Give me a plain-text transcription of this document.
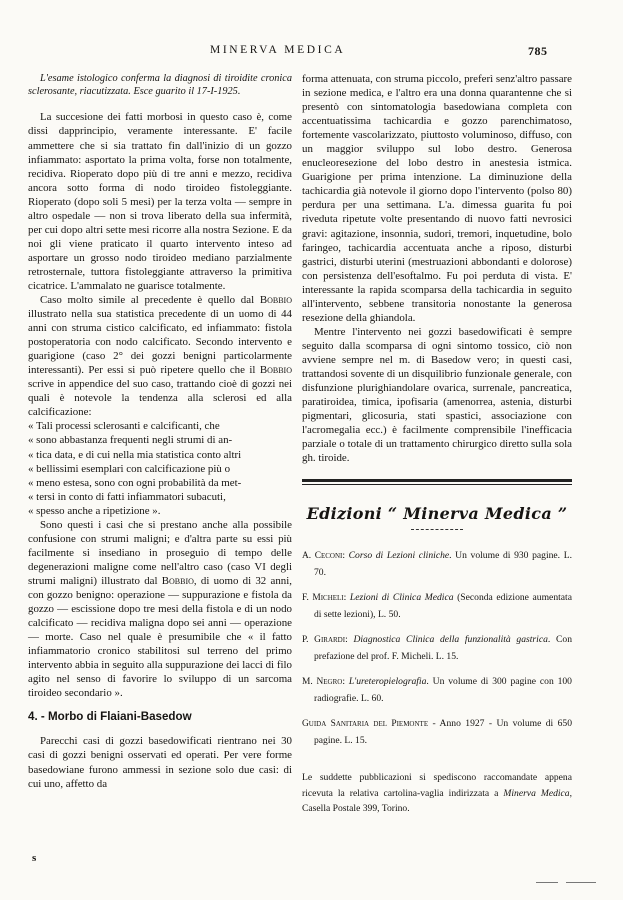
MINERVA MEDICA	785

L'esame istologico conferma la diagnosi di tiroidite cronica sclerosante, riacutizzata. Esce guarito il 17-I-1925.

La succesione dei fatti morbosi in questo caso è, come dissi dapprincipio, veramente interessante. E' facile ammettere che si sia trattato fin dall'inizio di un gozzo infiammato: asportato la prima volta, forse non totalmente, recidiva. Rioperato dopo più di tre anni e mezzo, recidiva ancora sotto forma di nodo tiroideo fistoleggiante. Rioperato (dopo soli 5 mesi) per la terza volta — sempre in altro ospedale — non si trova liberato della sua infermità, per cui dopo altri sette mesi ricorre alla nostra Sezione. E da noi gli viene praticato il quarto intervento inteso ad asportare un grosso nodo tiroideo mediano parzialmente retrosternale, tuttora fistoleggiante attraverso la primitiva cicatrice. L'ammalato ne guarisce totalmente.

Caso molto simile al precedente è quello dal Bobbio illustrato nella sua statistica precedente di un uomo di 44 anni con struma cistico calcificato, ed infiammato: fistola postoperatoria con nodo calcificato. Secondo intervento e guarigione (caso 2° dei gozzi benigni particolarmente interessanti). Per essi si può ripetere quello che il Bobbio scrive in appendice del suo caso, trattando cioè di gozzi nei quali è notevole la tendenza alla sclerosi ed alla calcificazione:

« Tali processi sclerosanti e calcificanti, che
« sono abbastanza frequenti negli strumi di an-
« tica data, e di cui nella mia statistica conto altri
« bellissimi esemplari con calcificazione più o
« meno estesa, sono con ogni probabilità da met-
« tersi in conto di fatti infiammatori subacuti,
« spesso anche a ripetizione ».

Sono questi i casi che si prestano anche alla possibile confusione con strumi maligni; e d'altra parte su essi più facilmente si insediano in proseguio di tempo delle degenerazioni maligne come nell'altro caso (caso VI degli strumi maligni) illustrato dal Bobbio, di uomo di 32 anni, con gozzo benigno: operazione — suppurazione e fistola da gozzo — escissione dopo tre mesi della fistola e di un nodo calcificato — recidiva maligna dopo sei anni — operazione — morte. Caso nel quale è presumibile che « il fatto infiammatorio cronico stabilitosi sul terreno del primo intervento abbia in seguito alla suppurazione dei lacci di filo agito nel senso di favorire lo sviluppo di un sarcoma tiroideo secondario ».

4. - Morbo di Flaiani-Basedow

Parecchi casi di gozzi basedowificati rientrano nei 30 casi di gozzi benigni osservati ed operati. Per vere forme basedowiane furono ammessi in sezione solo due casi: di cui uno, affetto da

forma attenuata, con struma piccolo, preferì senz'altro passare in sezione medica, e l'altro era una donna quarantenne che si presentò con sintomatologia basedowiana completa con accentuatissima tachicardia e gozzo parenchimatoso, fortemente vascolarizzato, piuttosto voluminoso, diffuso, con un maggior sviluppo sul lobo destro. Generosa enucleoresezione del lobo destro in anestesia istmica. Guarigione per prima intenzione. La diminuzione della tachicardia già notevole il giorno dopo l'intervento (polso 80) perdura per una settimana. L'a. dimessa guarita fu poi riveduta ripetute volte presentando di nuovo fatti nevrosici gravi: agitazione, insonnia, sudori, tremori, inquetudine, bolo faringeo, tachicardia accentuata anche a riposo, disturbi gastrici, disturbi uterini (mestruazioni abbondanti e dolorose) con persistenza dell'esoftalmo. Fu poi perduta di vista. E' interessante la rapida scomparsa della tachicardia in seguito all'intervento, sebbene transitoria nonostante la generosa resezione della ghiandola.

Mentre l'intervento nei gozzi basedowificati è sempre seguito dalla scomparsa di ogni sintomo tossico, ciò non avviene sempre nel m. di Basedow vero; in questi casi, trattandosi sovente di un disquilibrio funzionale generale, con disfunzione plurighiandolare ovarica, surrenale, pancreatica, paratiroidea, timica, ipofisaria (amenorrea, astenia, disturbi pigmentari, glicosuria, stati spastici, associazione con l'acromegalia ecc.) è facilmente comprensibile l'inefficacia parziale o totale di un trattamento chirurgico diretto sulla sola gh. tiroide.

Edizioni “ Minerva Medica ”

A. Ceconi: Corso di Lezioni cliniche. Un volume di 930 pagine. L. 70.

F. Micheli: Lezioni di Clinica Medica (Seconda edizione aumentata di sette lezioni), L. 50.

P. Girardi: Diagnostica Clinica della funzionalità gastrica. Con prefazione del prof. F. Micheli. L. 15.

M. Negro: L'ureteropielografia. Un volume di 300 pagine con 100 radiografie. L. 60.

Guida Sanitaria del Piemonte - Anno 1927 - Un volume di 650 pagine. L. 15.

Le suddette pubblicazioni si spediscono raccomandate appena ricevuta la relativa cartolina-vaglia indirizzata a Minerva Medica, Casella Postale 399, Torino.

s
